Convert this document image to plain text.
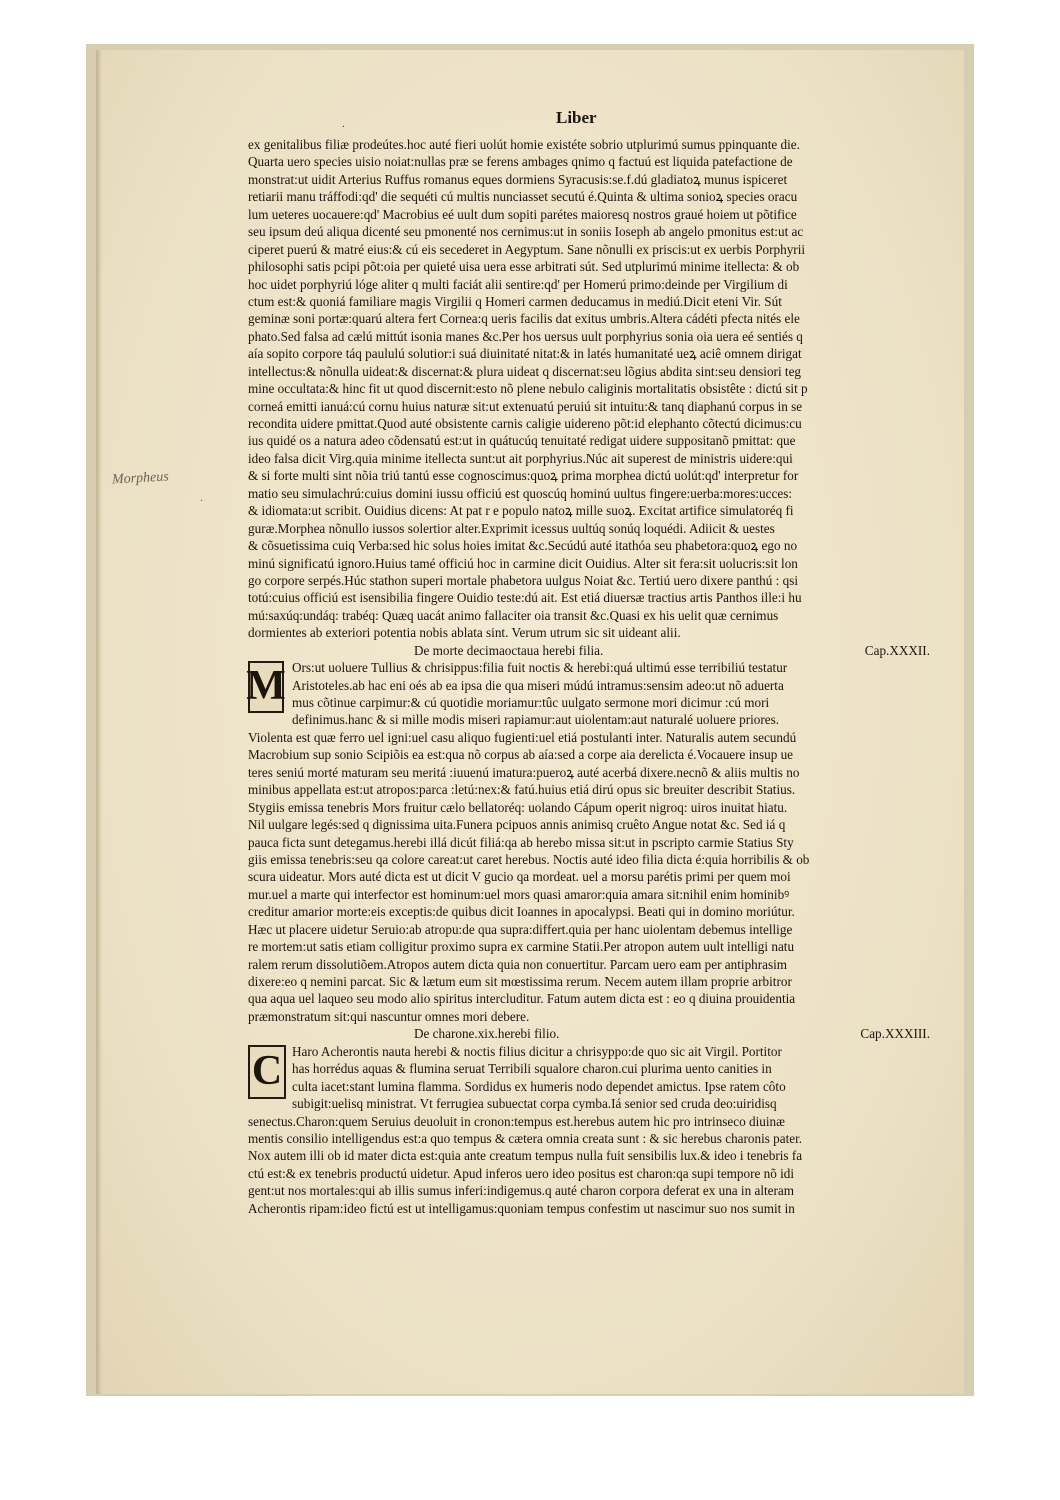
Liber
.
Morpheus
.
ex genitalibus filiæ prodeútes.hoc auté fieri uolút homie existéte sobrio utplurimú sumus ppinquante die.
Quarta uero species uisio noiat:nullas præ se ferens ambages qnimo q factuú est liquida patefactione de
monstrat:ut uidit Arterius Ruffus romanus eques dormiens Syracusis:se.f.dú gladiatoꝝ munus ispiceret
retiarii manu tráffodi:qd' die sequéti cú multis nunciasset secutú é.Quinta & ultima sonioꝝ species oracu
lum ueteres uocauere:qd' Macrobius eé uult dum sopiti parétes maioresq nostros graué hoiem ut põtifice
seu ipsum deú aliqua dicenté seu pmonenté nos cernimus:ut in soniis Ioseph ab angelo pmonitus est:ut ac
ciperet puerú & matré eius:& cú eis secederet in Aegyptum. Sane nõnulli ex priscis:ut ex uerbis Porphyrii
philosophi satis pcipi põt:oia per quieté uisa uera esse arbitrati sút. Sed utplurimú minime itellecta: & ob
hoc uidet porphyriú lóge aliter q multi faciát alii sentire:qd' per Homerú primo:deinde per Virgilium di
ctum est:& quoniá familiare magis Virgilii q Homeri carmen deducamus in mediú.Dicit eteni Vir. Sút
geminæ soni portæ:quarú altera fert Cornea:q ueris facilis dat exitus umbris.Altera cádéti pfecta nités ele
phato.Sed falsa ad cælú mittút isonia manes &c.Per hos uersus uult porphyrius sonia oia uera eé sentiés q
aía sopito corpore táq paululú solutior:i suá diuinitaté nitat:& in latés humanitaté ueꝝ aciê omnem dirigat
intellectus:& nõnulla uideat:& discernat:& plura uideat q discernat:seu lõgius abdita sint:seu densiori teg
mine occultata:& hinc fit ut quod discernit:esto nõ plene nebulo caliginis mortalitatis obsistête : dictú sit p
corneá emitti ianuá:cú cornu huius naturæ sit:ut extenuatú peruiú sit intuitu:& tanq diaphanú corpus in se
recondita uidere pmittat.Quod auté obsistente carnis caligie uidereno põt:id elephanto cõtectú dicimus:cu
ius quidé os a natura adeo cõdensatú est:ut in quátucúq tenuitaté redigat uidere suppositanõ pmittat: que
ideo falsa dicit Virg.quia minime itellecta sunt:ut ait porphyrius.Núc ait superest de ministris uidere:qui
& si forte multi sint nõia triú tantú esse cognoscimus:quoꝝ prima morphea dictú uolút:qd' interpretur for
matio seu simulachrú:cuius domini iussu officiú est quoscúq hominú uultus fingere:uerba:mores:ucces:
& idiomata:ut scribit. Ouidius dicens: At pat r e populo natoꝝ mille suoꝝ. Excitat artifice simulatoréq fi
guræ.Morphea nõnullo iussos solertior alter.Exprimit icessus uultúq sonúq loquédi. Adiicit & uestes
& cõsuetissima cuiq Verba:sed hic solus hoies imitat &c.Secúdú auté itathóa seu phabetora:quoꝝ ego no
minú significatú ignoro.Huius tamé officiú hoc in carmine dicit Ouidius. Alter sit fera:sit uolucris:sit lon
go corpore serpés.Húc stathon superi mortale phabetora uulgus Noiat &c. Tertiú uero dixere panthú : qsi
totú:cuius officiú est isensibilia fingere Ouidio teste:dú ait. Est etiá diuersæ tractius artis Panthos ille:i hu
mú:saxúq:undáq: trabéq: Quæq uacát animo fallaciter oia transit &c.Quasi ex his uelit quæ cernimus
dormientes ab exteriori potentia nobis ablata sint. Verum utrum sic sit uideant alii.
De morte decimaoctaua herebi filia.	Cap.XXXII.
M Ors:ut uoluere Tullius & chrisippus:filia fuit noctis & herebi:quá ultimú esse terribiliú testatur
Aristoteles.ab hac eni oés ab ea ipsa die qua miseri múdú intramus:sensim adeo:ut nõ aduerta
mus cõtinue carpimur:& cú quotidie moriamur:tûc uulgato sermone mori dicimur :cú mori
definimus.hanc & si mille modis miseri rapiamur:aut uiolentam:aut naturalé uoluere priores.
Violenta est quæ ferro uel igni:uel casu aliquo fugienti:uel etiá postulanti inter. Naturalis autem secundú
Macrobium sup sonio Scipiõis ea est:qua nõ corpus ab aía:sed a corpe aia derelicta é.Vocauere insup ue
teres seniú morté maturam seu meritá :iuuenú imatura:pueroꝝ auté acerbá dixere.necnõ & aliis multis no
minibus appellata est:ut atropos:parca :letú:nex:& fatú.huius etiá dirú opus sic breuiter describit Statius.
Stygiis emissa tenebris Mors fruitur cælo bellatoréq: uolando Cápum operit nigroq: uiros inuitat hiatu.
Nil uulgare legés:sed q dignissima uita.Funera pcipuos annis animisq cruêto Angue notat &c. Sed iá q
pauca ficta sunt detegamus.herebi illá dicút filiá:qa ab herebo missa sit:ut in pscripto carmie Statius Sty
giis emissa tenebris:seu qa colore careat:ut caret herebus. Noctis auté ideo filia dicta é:quia horribilis & ob
scura uideatur. Mors auté dicta est ut dicit V gucio qa mordeat. uel a morsu parétis primi per quem moi
mur.uel a marte qui interfector est hominum:uel mors quasi amaror:quia amara sit:nihil enim hominibꝰ
creditur amarior morte:eis exceptis:de quibus dicit Ioannes in apocalypsi. Beati qui in domino moriútur.
Hæc ut placere uidetur Seruio:ab atropu:de qua supra:differt.quia per hanc uiolentam debemus intellige
re mortem:ut satis etiam colligitur proximo supra ex carmine Statii.Per atropon autem uult intelligi natu
ralem rerum dissolutiõem.Atropos autem dicta quia non conuertitur. Parcam uero eam per antiphrasim
dixere:eo q nemini parcat. Sic & lætum eum sit mœstissima rerum. Necem autem illam proprie arbitror
qua aqua uel laqueo seu modo alio spiritus intercluditur. Fatum autem dicta est : eo q diuina prouidentia
præmonstratum sit:qui nascuntur omnes mori debere.
De charone.xix.herebi filio.	Cap.XXXIII.
C Haro Acherontis nauta herebi & noctis filius dicitur a chrisyppo:de quo sic ait Virgil. Portitor
has horrédus aquas & flumina seruat Terribili squalore charon.cui plurima uento canities in
culta iacet:stant lumina flamma. Sordidus ex humeris nodo dependet amictus. Ipse ratem côto
subigit:uelisq ministrat. Vt ferrugiea subuectat corpa cymba.Iá senior sed cruda deo:uiridisq
senectus.Charon:quem Seruius deuoluit in cronon:tempus est.herebus autem hic pro intrinseco diuinæ
mentis consilio intelligendus est:a quo tempus & cætera omnia creata sunt : & sic herebus charonis pater.
Nox autem illi ob id mater dicta est:quia ante creatum tempus nulla fuit sensibilis lux.& ideo i tenebris fa
ctú est:& ex tenebris productú uidetur. Apud inferos uero ideo positus est charon:qa supi tempore nõ idi
gent:ut nos mortales:qui ab illis sumus inferi:indigemus.q auté charon corpora deferat ex una in alteram
Acherontis ripam:ideo fictú est ut intelligamus:quoniam tempus confestim ut nascimur suo nos sumit in
